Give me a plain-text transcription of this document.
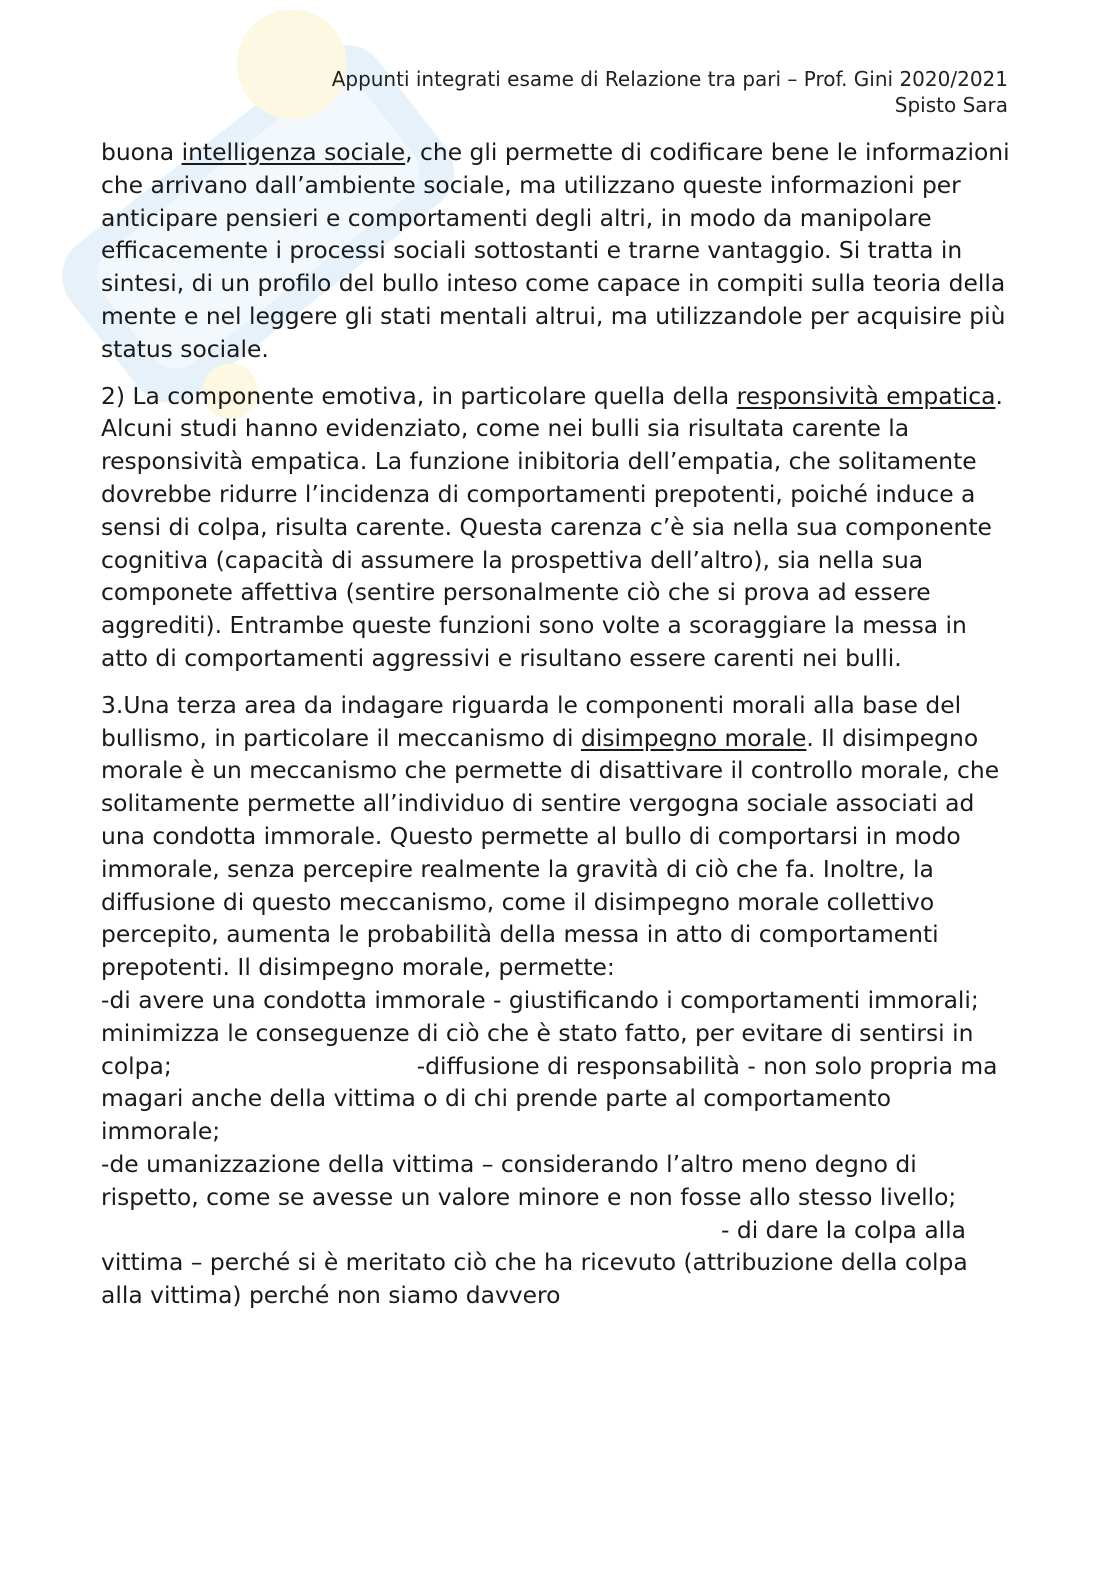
Appunti integrati esame di Relazione tra pari – Prof. Gini 2020/2021
Spisto Sara

buona intelligenza sociale, che gli permette di codificare bene le informazioni che arrivano dall’ambiente sociale, ma utilizzano queste informazioni per anticipare pensieri e comportamenti degli altri, in modo da manipolare efficacemente i processi sociali sottostanti e trarne vantaggio. Si tratta in sintesi, di un profilo del bullo inteso come capace in compiti sulla teoria della mente e nel leggere gli stati mentali altrui, ma utilizzandole per acquisire più status sociale.

2) La componente emotiva, in particolare quella della responsività empatica. Alcuni studi hanno evidenziato, come nei bulli sia risultata carente la responsività empatica. La funzione inibitoria dell’empatia, che solitamente dovrebbe ridurre l’incidenza di comportamenti prepotenti, poiché induce a sensi di colpa, risulta carente. Questa carenza c’è sia nella sua componente cognitiva (capacità di assumere la prospettiva dell’altro), sia nella sua componete affettiva (sentire personalmente ciò che si prova ad essere aggrediti). Entrambe queste funzioni sono volte a scoraggiare la messa in atto di comportamenti aggressivi e risultano essere carenti nei bulli.

3.Una terza area da indagare riguarda le componenti morali alla base del bullismo, in particolare il meccanismo di disimpegno morale. Il disimpegno morale è un meccanismo che permette di disattivare il controllo morale, che solitamente permette all’individuo di sentire vergogna sociale associati ad una condotta immorale. Questo permette al bullo di comportarsi in modo immorale, senza percepire realmente la gravità di ciò che fa. Inoltre, la diffusione di questo meccanismo, come il disimpegno morale collettivo percepito, aumenta le probabilità della messa in atto di comportamenti prepotenti. Il disimpegno morale, permette:
-di avere una condotta immorale - giustificando i comportamenti immorali; minimizza le conseguenze di ciò che è stato fatto, per evitare di sentirsi in colpa;	-diffusione di responsabilità - non solo propria ma magari anche della vittima o di chi prende parte al comportamento immorale;
-de umanizzazione della vittima – considerando l’altro meno degno di rispetto, come se avesse un valore minore e non fosse allo stesso livello;- di dare la colpa alla vittima – perché si è meritato ciò che ha ricevuto (attribuzione della colpa alla vittima) perché non siamo davvero
